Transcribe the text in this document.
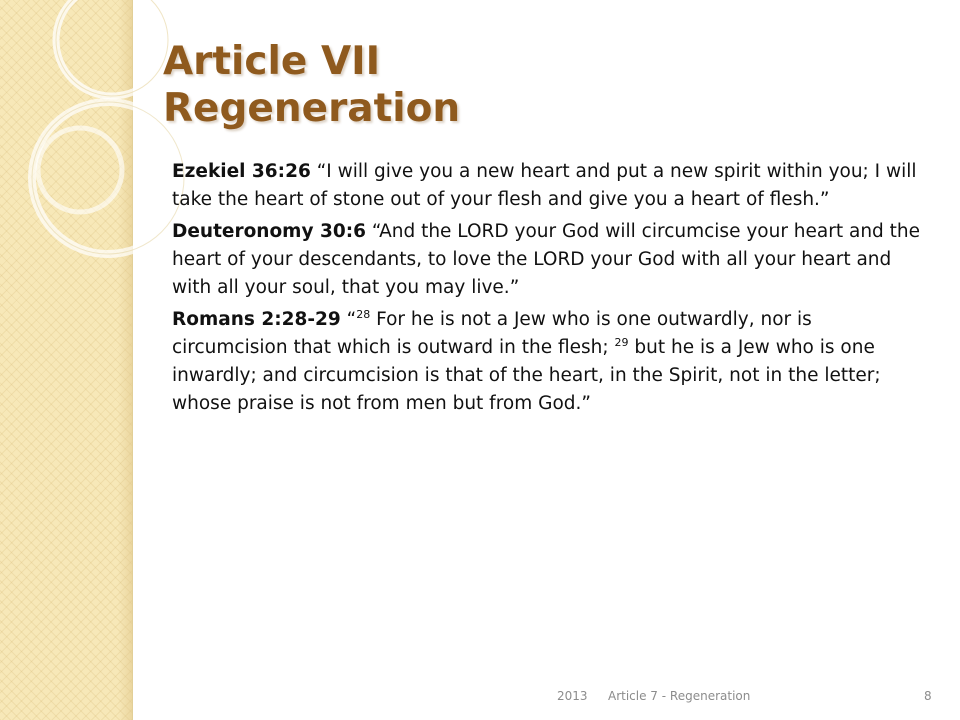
Article VII
Regeneration

Ezekiel 36:26 “I will give you a new heart and put a new spirit within you; I will take the heart of stone out of your flesh and give you a heart of flesh.”

Deuteronomy 30:6 “And the LORD your God will circumcise your heart and the heart of your descendants, to love the LORD your God with all your heart and with all your soul, that you may live.”

Romans 2:28-29 “$^{28}$ For he is not a Jew who is one outwardly, nor is circumcision that which is outward in the flesh; $^{29}$ but he is a Jew who is one inwardly; and circumcision is that of the heart, in the Spirit, not in the letter; whose praise is not from men but from God.”

2013 Article 7 - Regeneration	8
